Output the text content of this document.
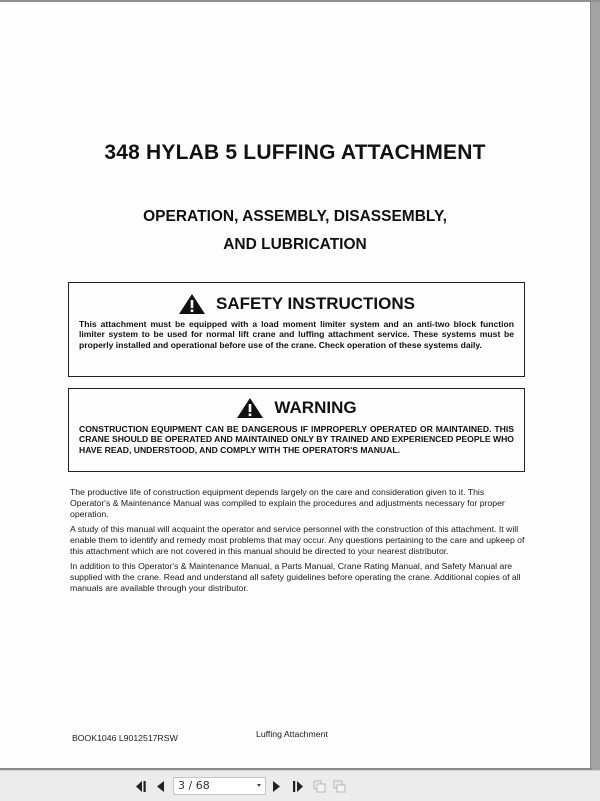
348 HYLAB 5 LUFFING ATTACHMENT
OPERATION, ASSEMBLY, DISASSEMBLY,
AND LUBRICATION
SAFETY INSTRUCTIONS
This attachment must be equipped with a load moment limiter system and an anti-two block function limiter system to be used for normal lift crane and luffing attachment service. These systems must be properly installed and operational before use of the crane. Check operation of these systems daily.
WARNING
CONSTRUCTION EQUIPMENT CAN BE DANGEROUS IF IMPROPERLY OPERATED OR MAINTAINED. THIS CRANE SHOULD BE OPERATED AND MAINTAINED ONLY BY TRAINED AND EXPERIENCED PEOPLE WHO HAVE READ, UNDERSTOOD, AND COMPLY WITH THE OPERATOR'S MANUAL.

The productive life of construction equipment depends largely on the care and consideration given to it. This Operator's & Maintenance Manual was compiled to explain the procedures and adjustments necessary for proper operation.

A study of this manual will acquaint the operator and service personnel with the construction of this attachment. It will enable them to identify and remedy most problems that may occur. Any questions pertaining to the care and upkeep of this attachment which are not covered in this manual should be directed to your nearest distributor.

In addition to this Operator's & Maintenance Manual, a Parts Manual, Crane Rating Manual, and Safety Manual are supplied with the crane. Read and understand all safety guidelines before operating the crane. Additional copies of all manuals are available through your distributor.

BOOK1046 L9012517RSW	Luffing Attachment
3 / 68
